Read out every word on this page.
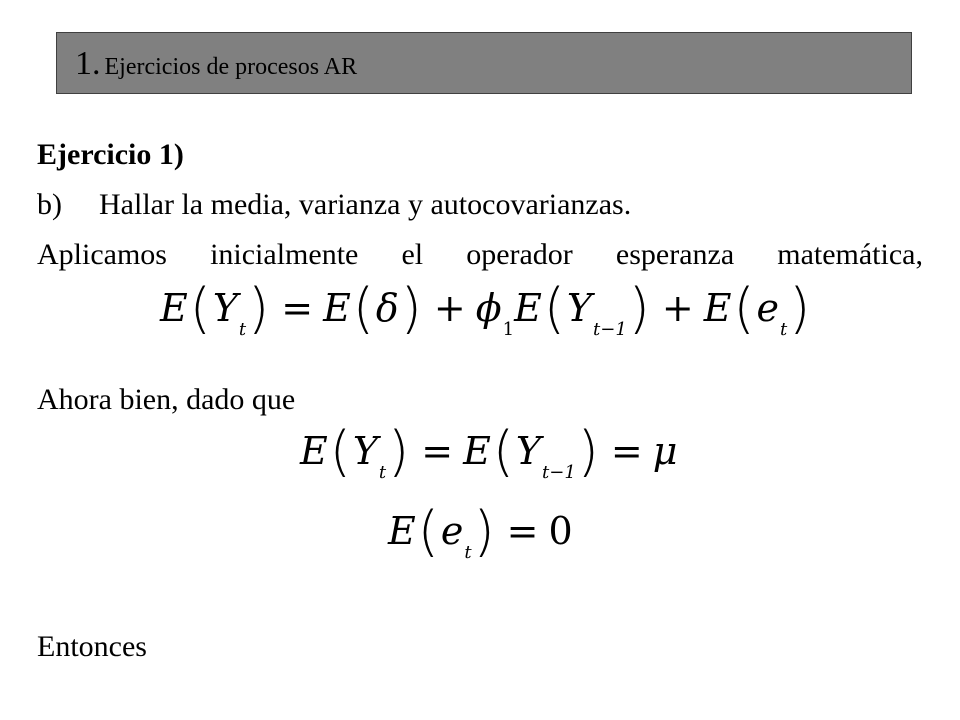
1. Ejercicios de procesos AR
Ejercicio 1)
b) Hallar la media, varianza y autocovarianzas.
Aplicamos inicialmente el operador esperanza matemática,
$E(Y_t) = E(\delta) + \phi_1E(Y_{t-1}) + E(e_t)$
Ahora bien, dado que
$E(Y_t) = E(Y_{t-1}) = \mu$
$E(e_t) = 0$
Entonces
